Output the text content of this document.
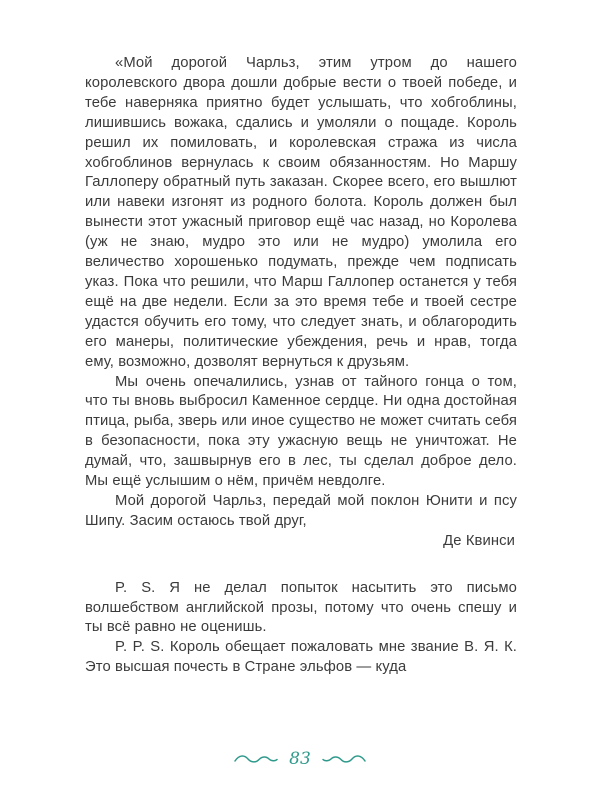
«Мой дорогой Чарльз, этим утром до нашего королевского двора дошли добрые вести о твоей победе, и тебе наверняка приятно будет услышать, что хобгоблины, лишившись вожака, сдались и умоляли о пощаде. Король решил их помиловать, и королевская стража из числа хобгоблинов вернулась к своим обязанностям. Но Маршу Галлоперу обратный путь заказан. Скорее всего, его вышлют или навеки изгонят из родного болота. Король должен был вынести этот ужасный приговор ещё час назад, но Королева (уж не знаю, мудро это или не мудро) умолила его величество хорошенько подумать, прежде чем подписать указ. Пока что решили, что Марш Галлопер останется у тебя ещё на две недели. Если за это время тебе и твоей сестре удастся обучить его тому, что следует знать, и облагородить его манеры, политические убеждения, речь и нрав, тогда ему, возможно, дозволят вернуться к друзьям.

Мы очень опечалились, узнав от тайного гонца о том, что ты вновь выбросил Каменное сердце. Ни одна достойная птица, рыба, зверь или иное существо не может считать себя в безопасности, пока эту ужасную вещь не уничтожат. Не думай, что, зашвырнув его в лес, ты сделал доброе дело. Мы ещё услышим о нём, причём невдолге.

Мой дорогой Чарльз, передай мой поклон Юнити и псу Шипу. Засим остаюсь твой друг,

Де Квинси

P. S. Я не делал попыток насытить это письмо волшебством английской прозы, потому что очень спешу и ты всё равно не оценишь.

P. P. S. Король обещает пожаловать мне звание В. Я. К. Это высшая почесть в Стране эльфов — куда

83
